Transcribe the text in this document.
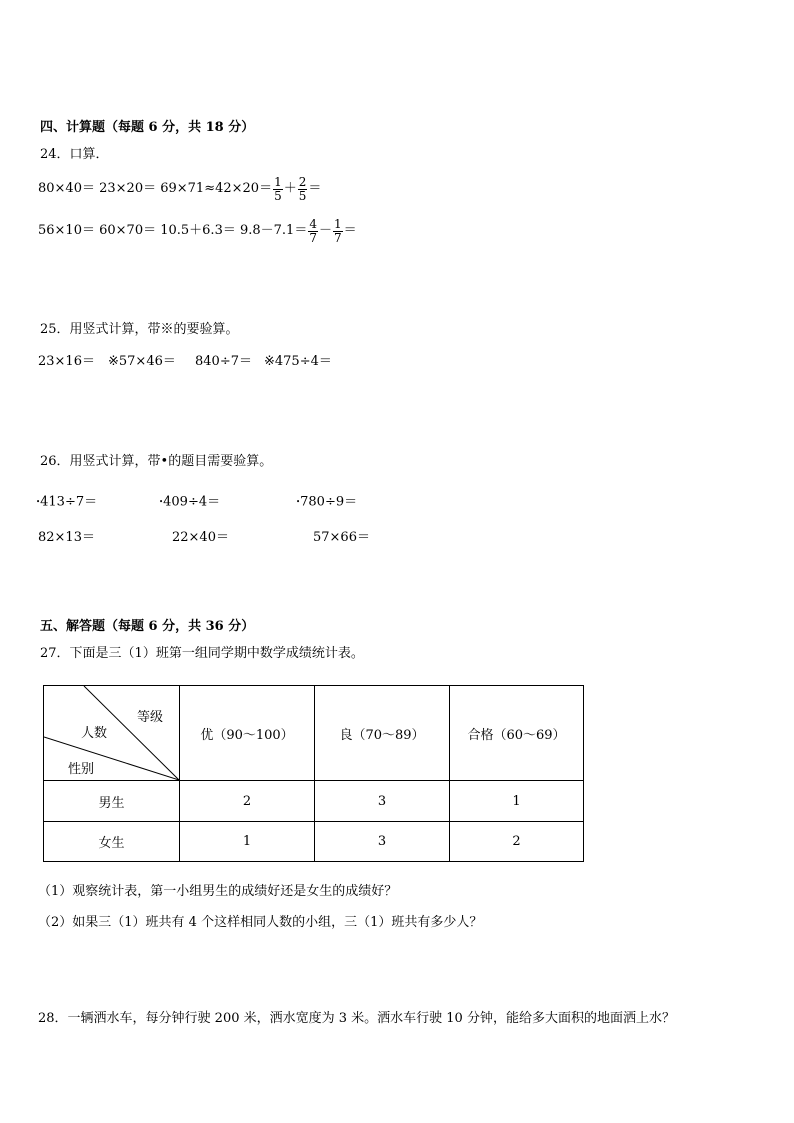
四、计算题（每题 6 分，共 18 分）
24．口算．
$80\times 40= 23\times 20= 69\times 71\approx 42\times 20= \frac{1}{5} + \frac{2}{5}$ ＝
$56\times 10= 60\times 70= 10.5+6.3= 9.8-7.1= \frac{4}{7} - \frac{1}{7}$ ＝
25．用竖式计算，带※的要验算。
23×16＝ ※57×46＝ 840÷7＝ ※475÷4＝
26．用竖式计算，带•的题目需要验算。
•413÷7＝	•409÷4＝	•780÷9＝
82×13＝	22×40＝	57×66＝
五、解答题（每题 6 分，共 36 分）
27．下面是三（1）班第一组同学期中数学成绩统计表。
等级
人数
性别	优（90～100）	良（70～89）	合格（60～69）
男生	2	3	1
女生	1	3	2
（1）观察统计表，第一小组男生的成绩好还是女生的成绩好？
（2）如果三（1）班共有 4 个这样相同人数的小组，三（1）班共有多少人？
28．一辆洒水车，每分钟行驶 200 米，洒水宽度为 3 米。洒水车行驶 10 分钟，能给多大面积的地面洒上水？
